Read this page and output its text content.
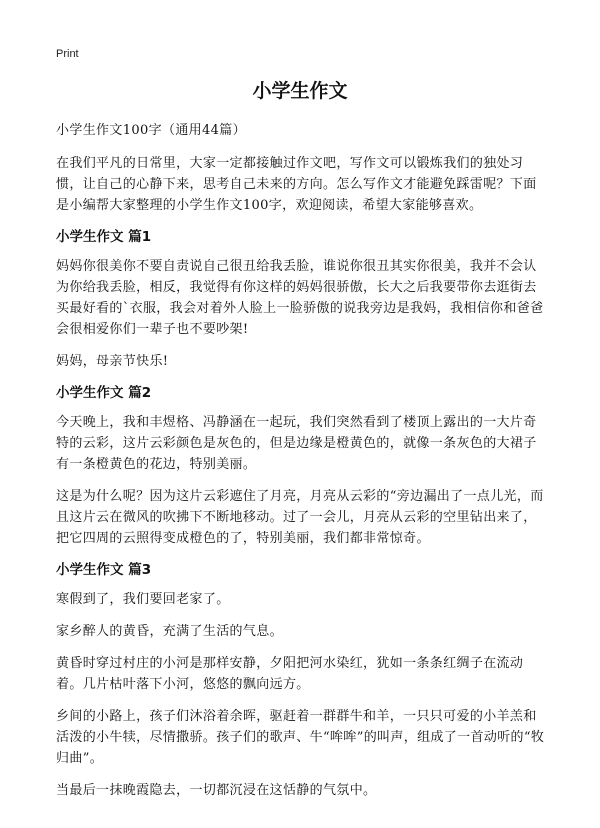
Print
小学生作文

小学生作文100字（通用44篇）

在我们平凡的日常里，大家一定都接触过作文吧，写作文可以锻炼我们的独处习惯，让自己的心静下来，思考自己未来的方向。怎么写作文才能避免踩雷呢？下面是小编帮大家整理的小学生作文100字，欢迎阅读，希望大家能够喜欢。

小学生作文 篇1

妈妈你很美你不要自责说自己很丑给我丢脸，谁说你很丑其实你很美，我并不会认为你给我丢脸，相反，我觉得有你这样的妈妈很骄傲，长大之后我要带你去逛街去买最好看的`衣服，我会对着外人脸上一脸骄傲的说我旁边是我妈，我相信你和爸爸会很相爱你们一辈子也不要吵架!

妈妈，母亲节快乐!

小学生作文 篇2

今天晚上，我和丰煜格、冯静涵在一起玩，我们突然看到了楼顶上露出的一大片奇特的云彩，这片云彩颜色是灰色的，但是边缘是橙黄色的，就像一条灰色的大裙子有一条橙黄色的花边，特别美丽。

这是为什么呢？因为这片云彩遮住了月亮，月亮从云彩的“旁边漏出了一点儿光，而且这片云在微风的吹拂下不断地移动。过了一会儿，月亮从云彩的空里钻出来了，把它四周的云照得变成橙色的了，特别美丽，我们都非常惊奇。

小学生作文 篇3

寒假到了，我们要回老家了。

家乡醉人的黄昏，充满了生活的气息。

黄昏时穿过村庄的小河是那样安静，夕阳把河水染红，犹如一条条红绸子在流动着。几片枯叶落下小河，悠悠的飘向远方。

乡间的小路上，孩子们沐浴着余晖，驱赶着一群群牛和羊，一只只可爱的小羊羔和活泼的小牛犊，尽情撒骄。孩子们的歌声、牛“哞哞”的叫声，组成了一首动听的“牧归曲”。

当最后一抹晚霞隐去，一切都沉浸在这恬静的气氛中。
